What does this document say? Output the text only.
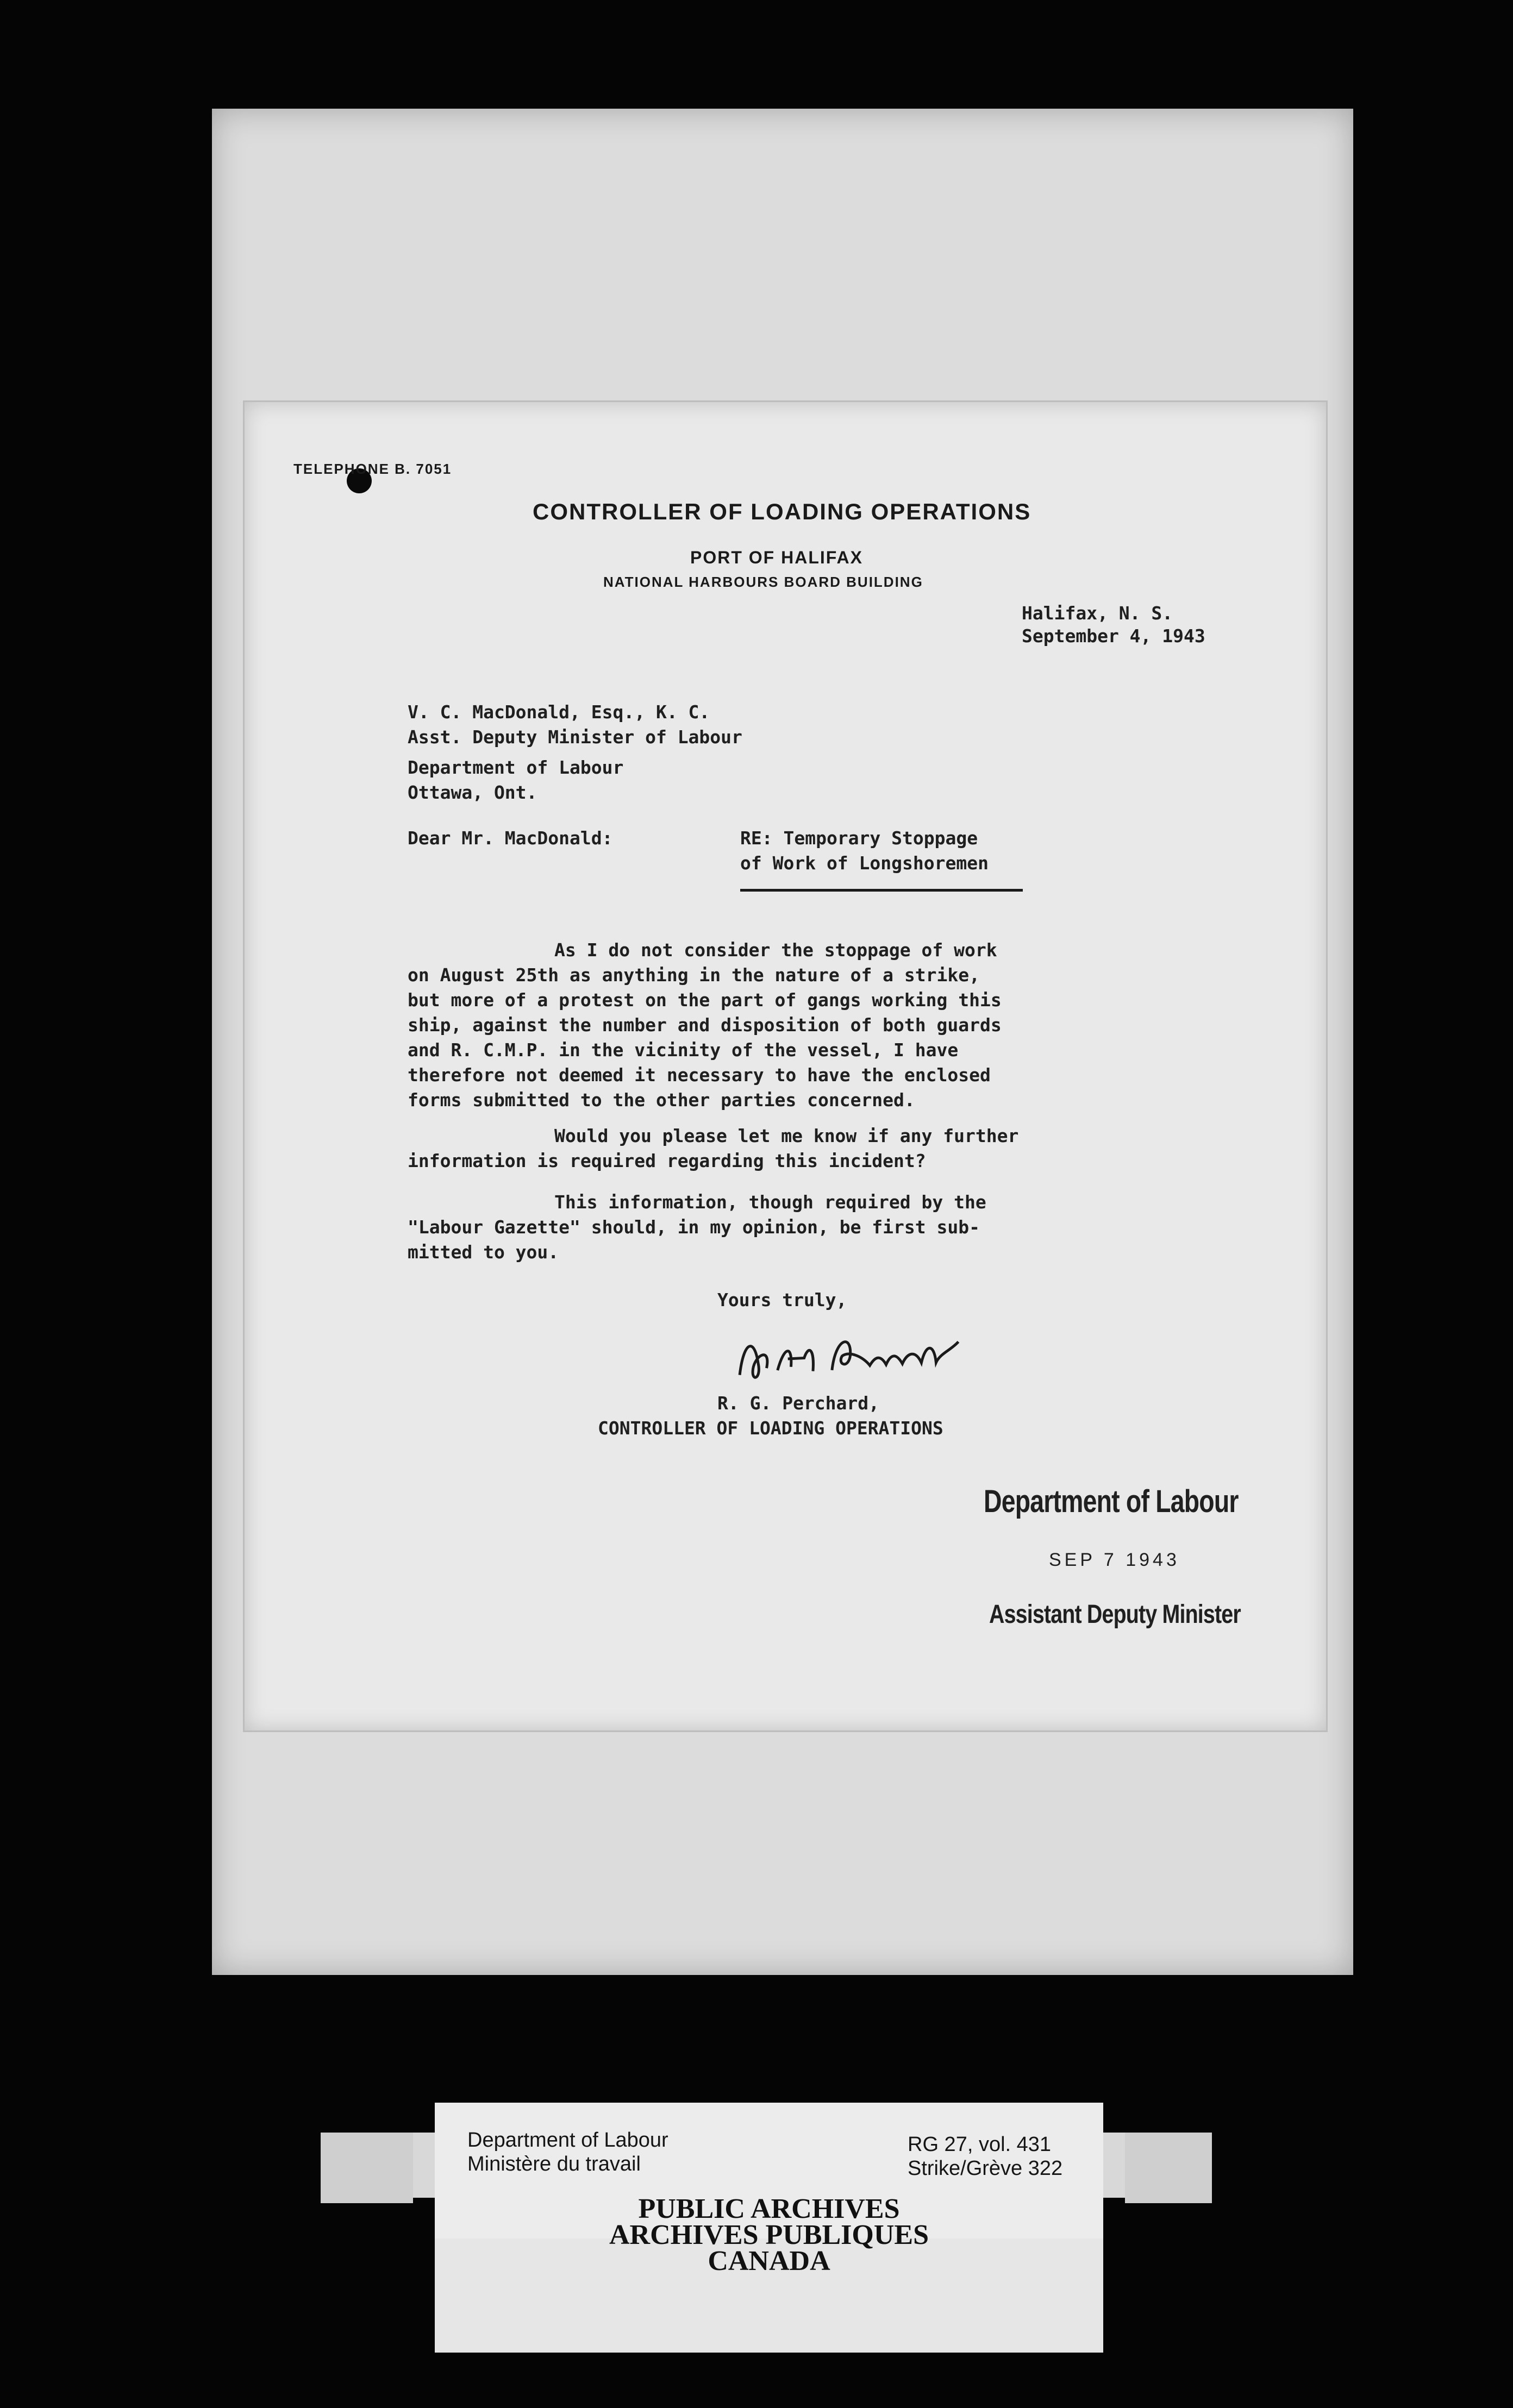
TELEPHONE B. 7051
CONTROLLER OF LOADING OPERATIONS
PORT OF HALIFAX
NATIONAL HARBOURS BOARD BUILDING
Halifax, N. S.
September 4, 1943
V. C. MacDonald, Esq., K. C.
Asst. Deputy Minister of Labour
Department of Labour
Ottawa, Ont.
Dear Mr. MacDonald:	RE: Temporary Stoppage
of Work of Longshoremen
As I do not consider the stoppage of work
on August 25th as anything in the nature of a strike,
but more of a protest on the part of gangs working this
ship, against the number and disposition of both guards
and R. C.M.P. in the vicinity of the vessel, I have
therefore not deemed it necessary to have the enclosed
forms submitted to the other parties concerned.
Would you please let me know if any further
information is required regarding this incident?
This information, though required by the
"Labour Gazette" should, in my opinion, be first sub-
mitted to you.
Yours truly,
R. G. Perchard,
CONTROLLER OF LOADING OPERATIONS
Department of Labour
SEP 7 1943
Assistant Deputy Minister
Department of Labour
Ministère du travail
RG 27, vol. 431
Strike/Grève 322
PUBLIC ARCHIVES
ARCHIVES PUBLIQUES
CANADA
